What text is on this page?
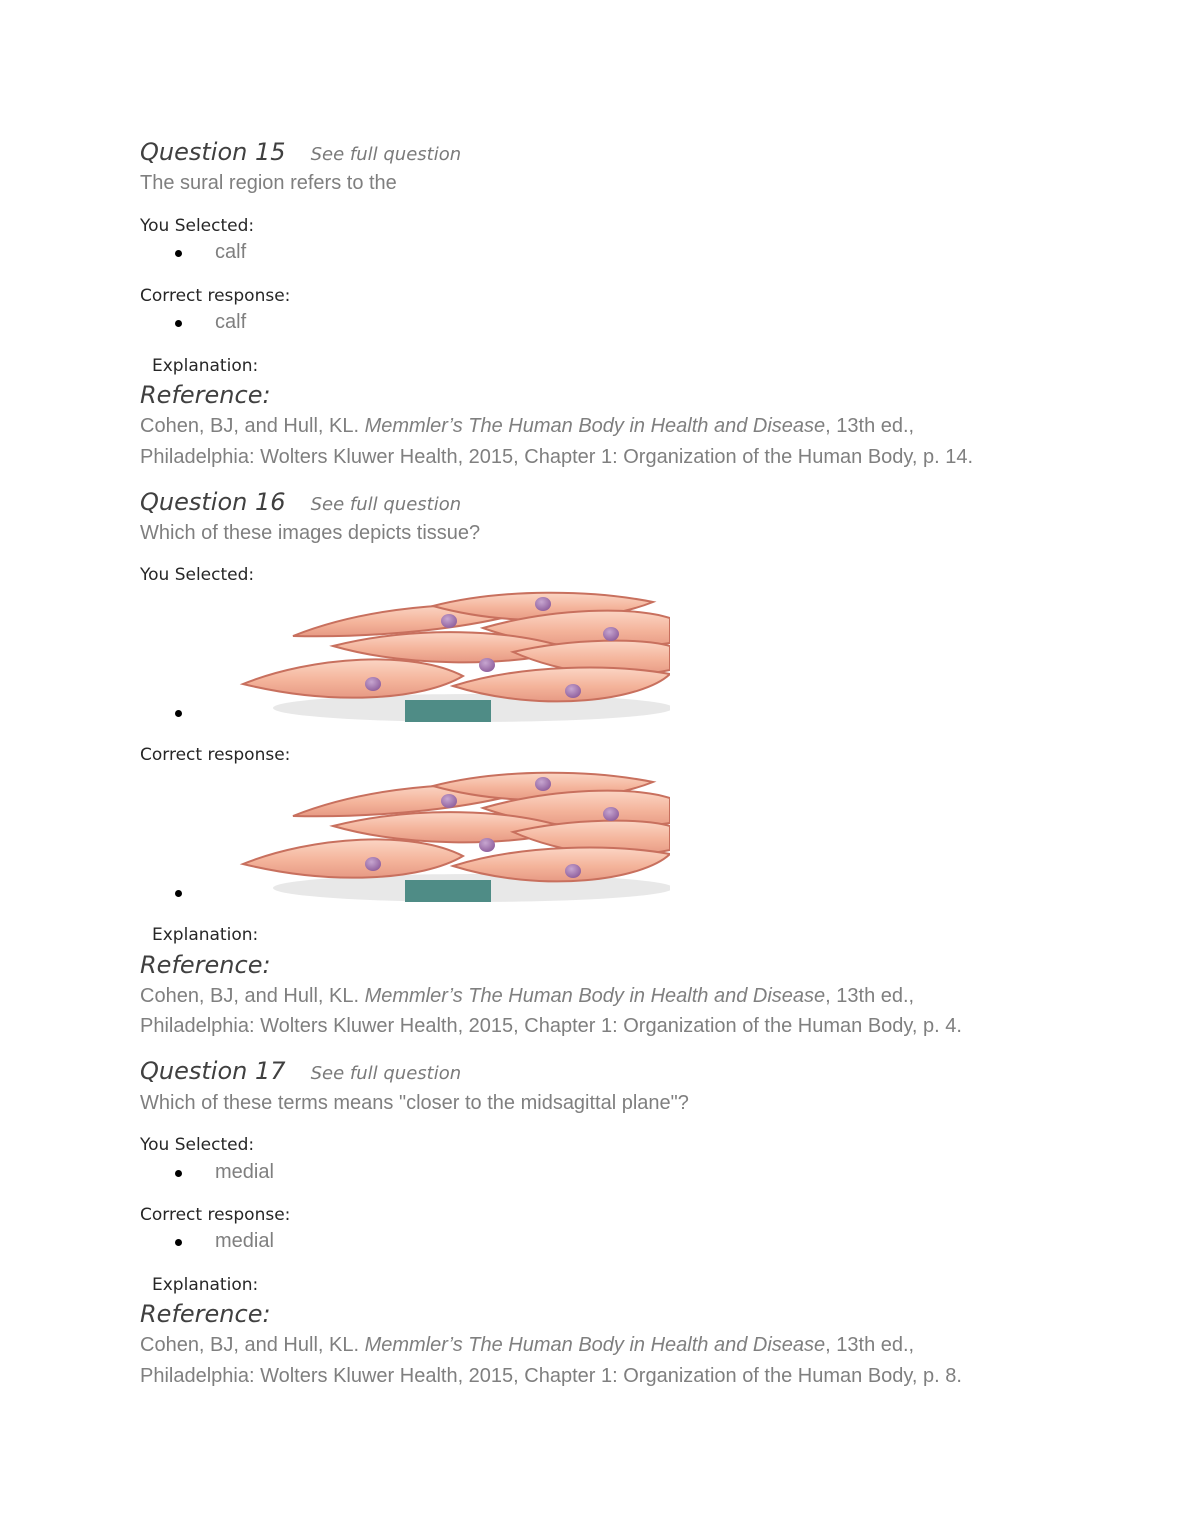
Question 15 See full question
The sural region refers to the
You Selected:
calf
Correct response:
calf
Explanation:
Reference:
Cohen, BJ, and Hull, KL. Memmler’s The Human Body in Health and Disease, 13th ed.,
Philadelphia: Wolters Kluwer Health, 2015, Chapter 1: Organization of the Human Body, p. 14.
Question 16 See full question
Which of these images depicts tissue?
You Selected:
Correct response:
Explanation:
Reference:
Cohen, BJ, and Hull, KL. Memmler’s The Human Body in Health and Disease, 13th ed.,
Philadelphia: Wolters Kluwer Health, 2015, Chapter 1: Organization of the Human Body, p. 4.
Question 17 See full question
Which of these terms means "closer to the midsagittal plane"?
You Selected:
medial
Correct response:
medial
Explanation:
Reference:
Cohen, BJ, and Hull, KL. Memmler’s The Human Body in Health and Disease, 13th ed.,
Philadelphia: Wolters Kluwer Health, 2015, Chapter 1: Organization of the Human Body, p. 8.
